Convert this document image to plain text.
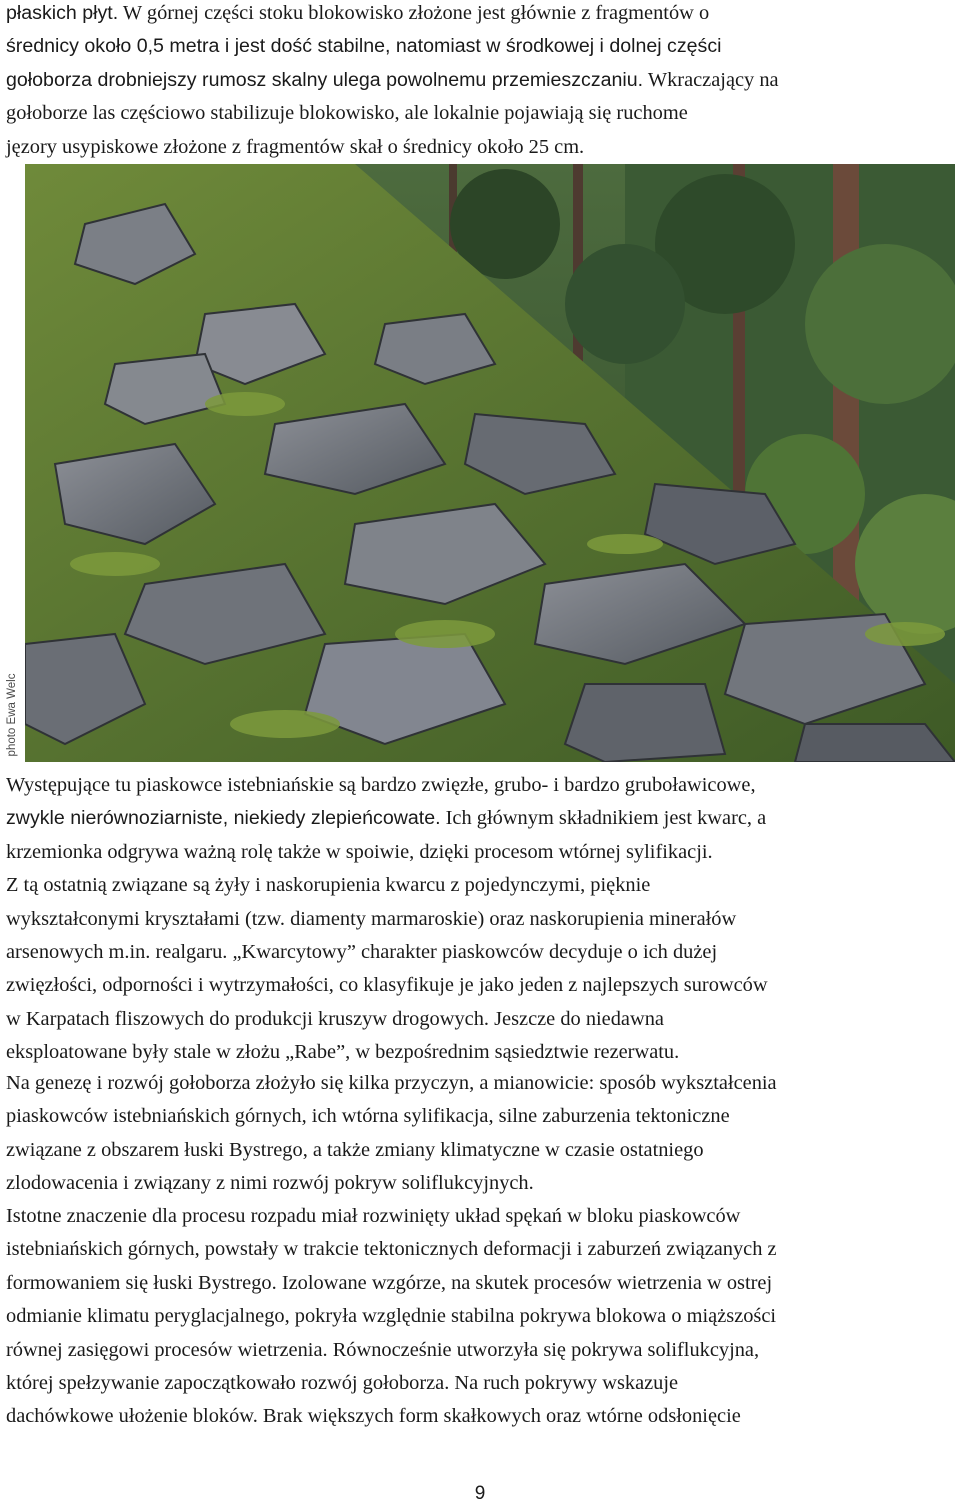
płaskich płyt. W górnej części stoku blokowisko złożone jest głównie z fragmentów o
średnicy około 0,5 metra i jest dość stabilne, natomiast w środkowej i dolnej części
gołoborza drobniejszy rumosz skalny ulega powolnemu przemieszczaniu. Wkraczający na
gołoborze las częściowo stabilizuje blokowisko, ale lokalnie pojawiają się ruchome
jęzory usypiskowe złożone z fragmentów skał o średnicy około 25 cm.

photo Ewa Welc

Występujące tu piaskowce istebniańskie są bardzo zwięzłe, grubo- i bardzo gruboławicowe,
zwykle nierównoziarniste, niekiedy zlepieńcowate. Ich głównym składnikiem jest kwarc, a
krzemionka odgrywa ważną rolę także w spoiwie, dzięki procesom wtórnej sylifikacji.
Z tą ostatnią związane są żyły i naskorupienia kwarcu z pojedynczymi, pięknie
wykształconymi kryształami (tzw. diamenty marmaroskie) oraz naskorupienia minerałów
arsenowych m.in. realgaru. „Kwarcytowy” charakter piaskowców decyduje o ich dużej
zwięzłości, odporności i wytrzymałości, co klasyfikuje je jako jeden z najlepszych surowców
w Karpatach fliszowych do produkcji kruszyw drogowych. Jeszcze do niedawna
eksploatowane były stale w złożu „Rabe”, w bezpośrednim sąsiedztwie rezerwatu.

Na genezę i rozwój gołoborza złożyło się kilka przyczyn, a mianowicie: sposób wykształcenia
piaskowców istebniańskich górnych, ich wtórna sylifikacja, silne zaburzenia tektoniczne
związane z obszarem łuski Bystrego, a także zmiany klimatyczne w czasie ostatniego
zlodowacenia i związany z nimi rozwój pokryw soliflukcyjnych.

Istotne znaczenie dla procesu rozpadu miał rozwinięty układ spękań w bloku piaskowców
istebniańskich górnych, powstały w trakcie tektonicznych deformacji i zaburzeń związanych z
formowaniem się łuski Bystrego. Izolowane wzgórze, na skutek procesów wietrzenia w ostrej
odmianie klimatu peryglacjalnego, pokryła względnie stabilna pokrywa blokowa o miąższości
równej zasięgowi procesów wietrzenia. Równocześnie utworzyła się pokrywa soliflukcyjna,
której spełzywanie zapoczątkowało rozwój gołoborza. Na ruch pokrywy wskazuje
dachówkowe ułożenie bloków. Brak większych form skałkowych oraz wtórne odsłonięcie

9
